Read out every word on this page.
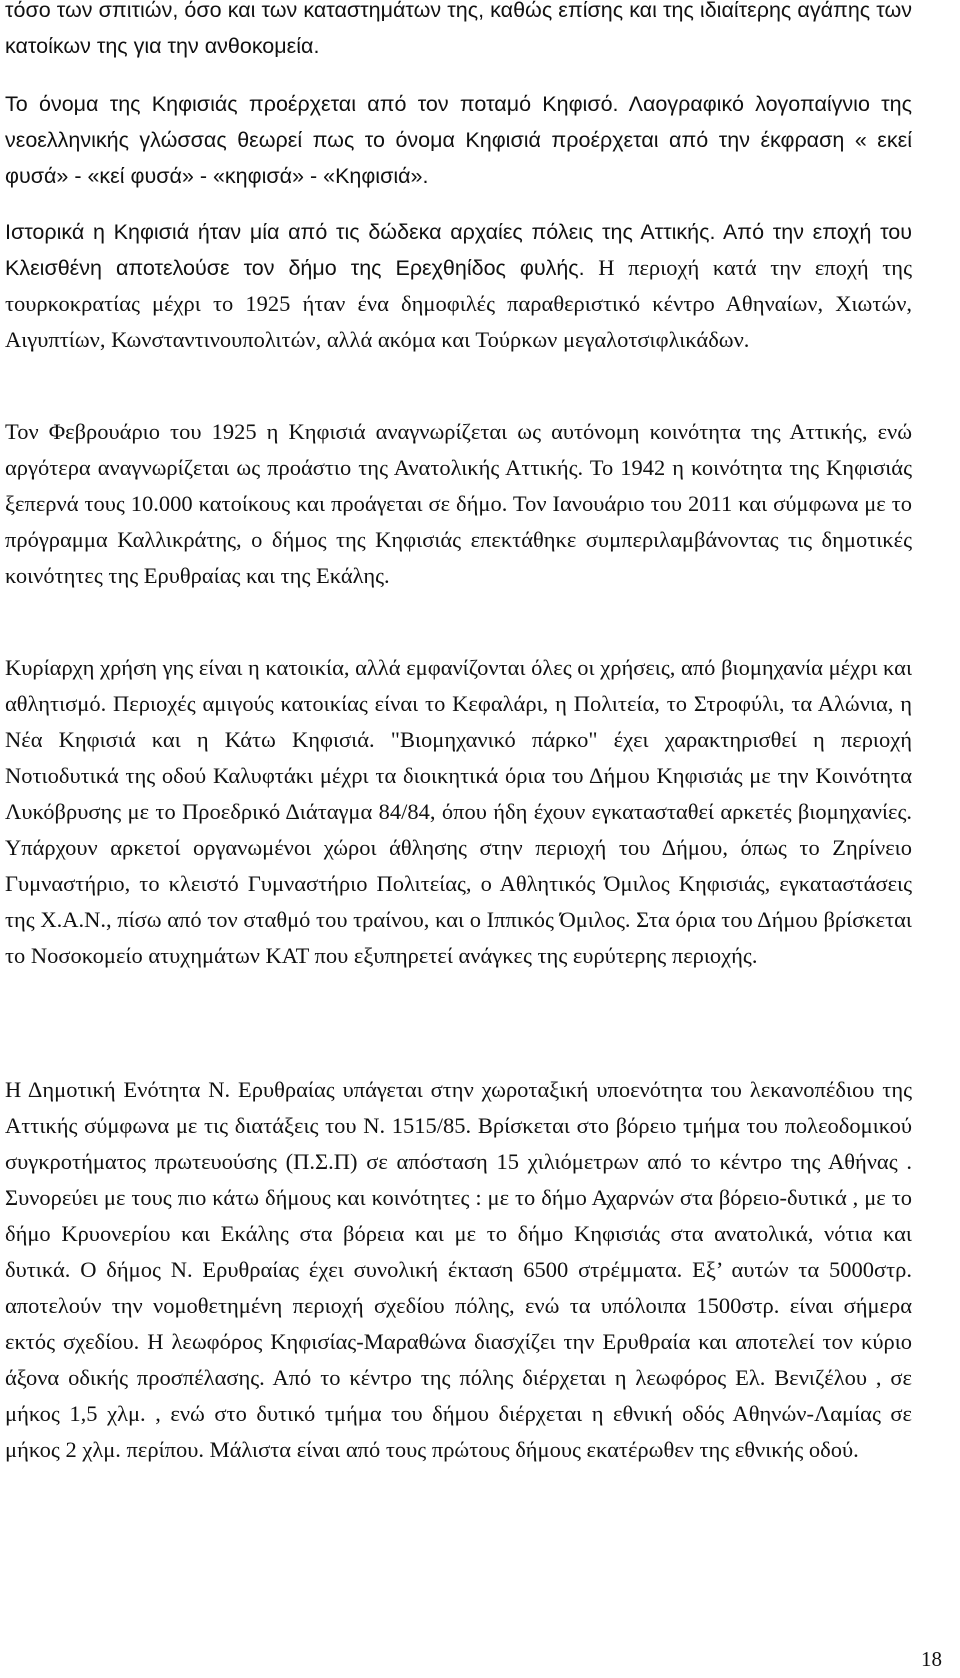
τόσο των σπιτιών, όσο και των καταστημάτων της, καθώς επίσης και της ιδιαίτερης αγάπης των κατοίκων της για την ανθοκομεία.

Το όνομα της Κηφισιάς προέρχεται από τον ποταμό Κηφισό. Λαογραφικό λογοπαίγνιο της νεοελληνικής γλώσσας θεωρεί πως το όνομα Κηφισιά προέρχεται από την έκφραση « εκεί φυσά» - «κεί φυσά» - «κηφισά» - «Κηφισιά».

Ιστορικά η Κηφισιά ήταν μία από τις δώδεκα αρχαίες πόλεις της Αττικής. Από την εποχή του Κλεισθένη αποτελούσε τον δήμο της Ερεχθηίδος φυλής. Η περιοχή κατά την εποχή της τουρκοκρατίας μέχρι το 1925 ήταν ένα δημοφιλές παραθεριστικό κέντρο Αθηναίων, Χιωτών, Αιγυπτίων, Κωνσταντινουπολιτών, αλλά ακόμα και Τούρκων μεγαλοτσιφλικάδων.

Τον Φεβρουάριο του 1925 η Κηφισιά αναγνωρίζεται ως αυτόνομη κοινότητα της Αττικής, ενώ αργότερα αναγνωρίζεται ως προάστιο της Ανατολικής Αττικής. Το 1942 η κοινότητα της Κηφισιάς ξεπερνά τους 10.000 κατοίκους και προάγεται σε δήμο. Τον Ιανουάριο του 2011 και σύμφωνα με το πρόγραμμα Καλλικράτης, ο δήμος της Κηφισιάς επεκτάθηκε συμπεριλαμβάνοντας τις δημοτικές κοινότητες της Ερυθραίας και της Εκάλης.

Κυρίαρχη χρήση γης είναι η κατοικία, αλλά εμφανίζονται όλες οι χρήσεις, από βιομηχανία μέχρι και αθλητισμό. Περιοχές αμιγούς κατοικίας είναι το Κεφαλάρι, η Πολιτεία, το Στροφύλι, τα Αλώνια, η Νέα Κηφισιά και η Κάτω Κηφισιά. "Βιομηχανικό πάρκο" έχει χαρακτηρισθεί η περιοχή Νοτιοδυτικά της οδού Καλυφτάκι μέχρι τα διοικητικά όρια του Δήμου Κηφισιάς με την Κοινότητα Λυκόβρυσης με το Προεδρικό Διάταγμα 84/84, όπου ήδη έχουν εγκατασταθεί αρκετές βιομηχανίες. Υπάρχουν αρκετοί οργανωμένοι χώροι άθλησης στην περιοχή του Δήμου, όπως το Ζηρίνειο Γυμναστήριο, το κλειστό Γυμναστήριο Πολιτείας, ο Αθλητικός Όμιλος Κηφισιάς, εγκαταστάσεις της Χ.Α.Ν., πίσω από τον σταθμό του τραίνου, και ο Ιππικός Όμιλος. Στα όρια του Δήμου βρίσκεται το Νοσοκομείο ατυχημάτων ΚΑΤ που εξυπηρετεί ανάγκες της ευρύτερης περιοχής.

Η Δημοτική Ενότητα Ν. Ερυθραίας υπάγεται στην χωροταξική υποενότητα του λεκανοπέδιου της Αττικής σύμφωνα με τις διατάξεις του Ν. 1515/85. Βρίσκεται στο βόρειο τμήμα του πολεοδομικού συγκροτήματος πρωτευούσης (Π.Σ.Π) σε απόσταση 15 χιλιόμετρων από το κέντρο της Αθήνας . Συνορεύει με τους πιο κάτω δήμους και κοινότητες : με το δήμο Αχαρνών στα βόρειο-δυτικά , με το δήμο Κρυονερίου και Εκάλης στα βόρεια και με το δήμο Κηφισιάς στα ανατολικά, νότια και δυτικά. Ο δήμος Ν. Ερυθραίας έχει συνολική έκταση 6500 στρέμματα. Εξ’ αυτών τα 5000στρ. αποτελούν την νομοθετημένη περιοχή σχεδίου πόλης, ενώ τα υπόλοιπα 1500στρ. είναι σήμερα εκτός σχεδίου. Η λεωφόρος Κηφισίας-Μαραθώνα διασχίζει την Ερυθραία και αποτελεί τον κύριο άξονα οδικής προσπέλασης. Από το κέντρο της πόλης διέρχεται η λεωφόρος Ελ. Βενιζέλου , σε μήκος 1,5 χλμ. , ενώ στο δυτικό τμήμα του δήμου διέρχεται η εθνική οδός Αθηνών-Λαμίας σε μήκος 2 χλμ. περίπου. Μάλιστα είναι από τους πρώτους δήμους εκατέρωθεν της εθνικής οδού.

18
